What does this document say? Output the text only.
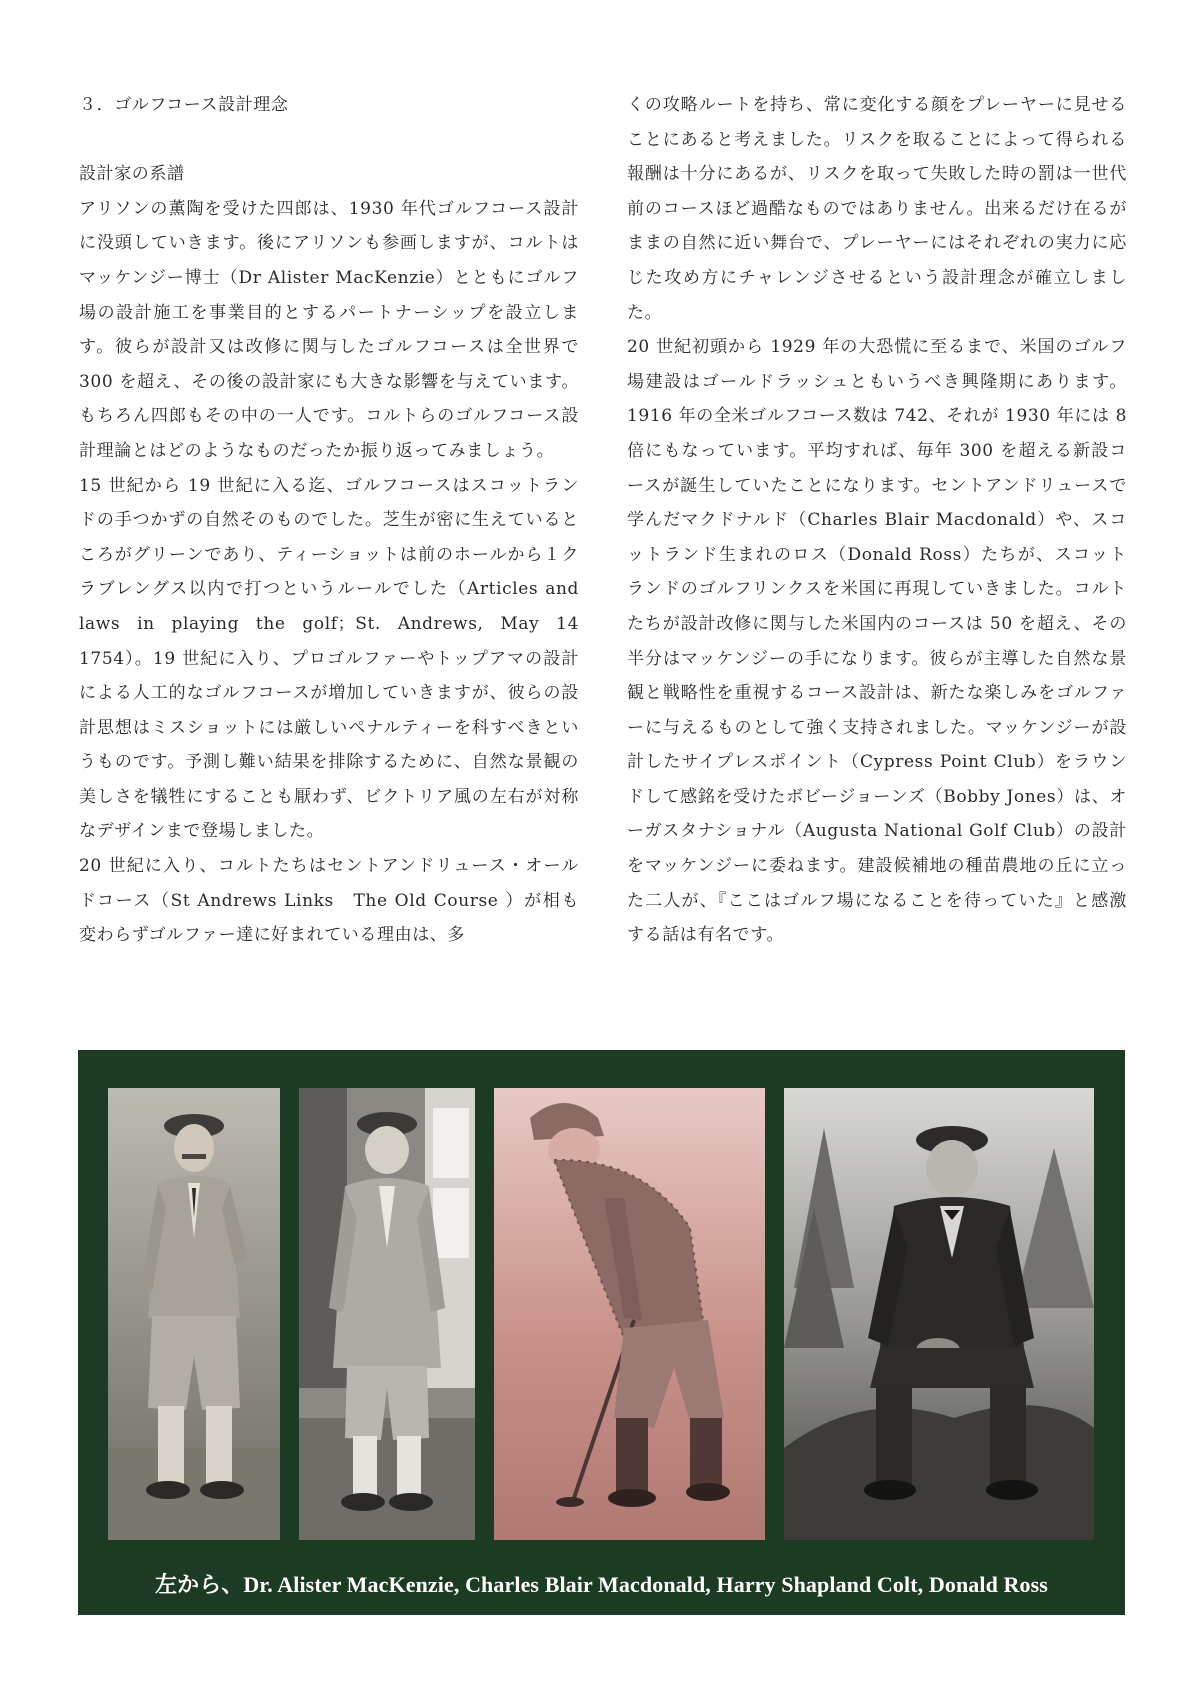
３．ゴルフコース設計理念

設計家の系譜

アリソンの薫陶を受けた四郎は、1930 年代ゴルフコース設計に没頭していきます。後にアリソンも参画しますが、コルトはマッケンジー博士（Dr Alister MacKenzie）とともにゴルフ場の設計施工を事業目的とするパートナーシップを設立します。彼らが設計又は改修に関与したゴルフコースは全世界で 300 を超え、その後の設計家にも大きな影響を与えています。もちろん四郎もその中の一人です。コルトらのゴルフコース設計理論とはどのようなものだったか振り返ってみましょう。

15 世紀から 19 世紀に入る迄、ゴルフコースはスコットランドの手つかずの自然そのものでした。芝生が密に生えているところがグリーンであり、ティーショットは前のホールから１クラブレングス以内で打つというルールでした（Articles and laws in playing the golf；St. Andrews, May 14 1754）。19 世紀に入り、プロゴルファーやトップアマの設計による人工的なゴルフコースが増加していきますが、彼らの設計思想はミスショットには厳しいペナルティーを科すべきというものです。予測し難い結果を排除するために、自然な景観の美しさを犠牲にすることも厭わず、ビクトリア風の左右が対称なデザインまで登場しました。

20 世紀に入り、コルトたちはセントアンドリュース・オールドコース（St Andrews Links　The Old Course ）が相も変わらずゴルファー達に好まれている理由は、多

くの攻略ルートを持ち、常に変化する顔をプレーヤーに見せることにあると考えました。リスクを取ることによって得られる報酬は十分にあるが、リスクを取って失敗した時の罰は一世代前のコースほど過酷なものではありません。出来るだけ在るがままの自然に近い舞台で、プレーヤーにはそれぞれの実力に応じた攻め方にチャレンジさせるという設計理念が確立しました。

20 世紀初頭から 1929 年の大恐慌に至るまで、米国のゴルフ場建設はゴールドラッシュともいうべき興隆期にあります。1916 年の全米ゴルフコース数は 742、それが 1930 年には 8 倍にもなっています。平均すれば、毎年 300 を超える新設コースが誕生していたことになります。セントアンドリュースで学んだマクドナルド（Charles Blair Macdonald）や、スコットランド生まれのロス（Donald Ross）たちが、スコットランドのゴルフリンクスを米国に再現していきました。コルトたちが設計改修に関与した米国内のコースは 50 を超え、その半分はマッケンジーの手になります。彼らが主導した自然な景観と戦略性を重視するコース設計は、新たな楽しみをゴルファーに与えるものとして強く支持されました。マッケンジーが設計したサイプレスポイント（Cypress Point Club）をラウンドして感銘を受けたボビージョーンズ（Bobby Jones）は、オーガスタナショナル（Augusta National Golf Club）の設計をマッケンジーに委ねます。建設候補地の種苗農地の丘に立った二人が、『ここはゴルフ場になることを待っていた』と感激する話は有名です。

左から、Dr. Alister MacKenzie, Charles Blair Macdonald, Harry Shapland Colt, Donald Ross
